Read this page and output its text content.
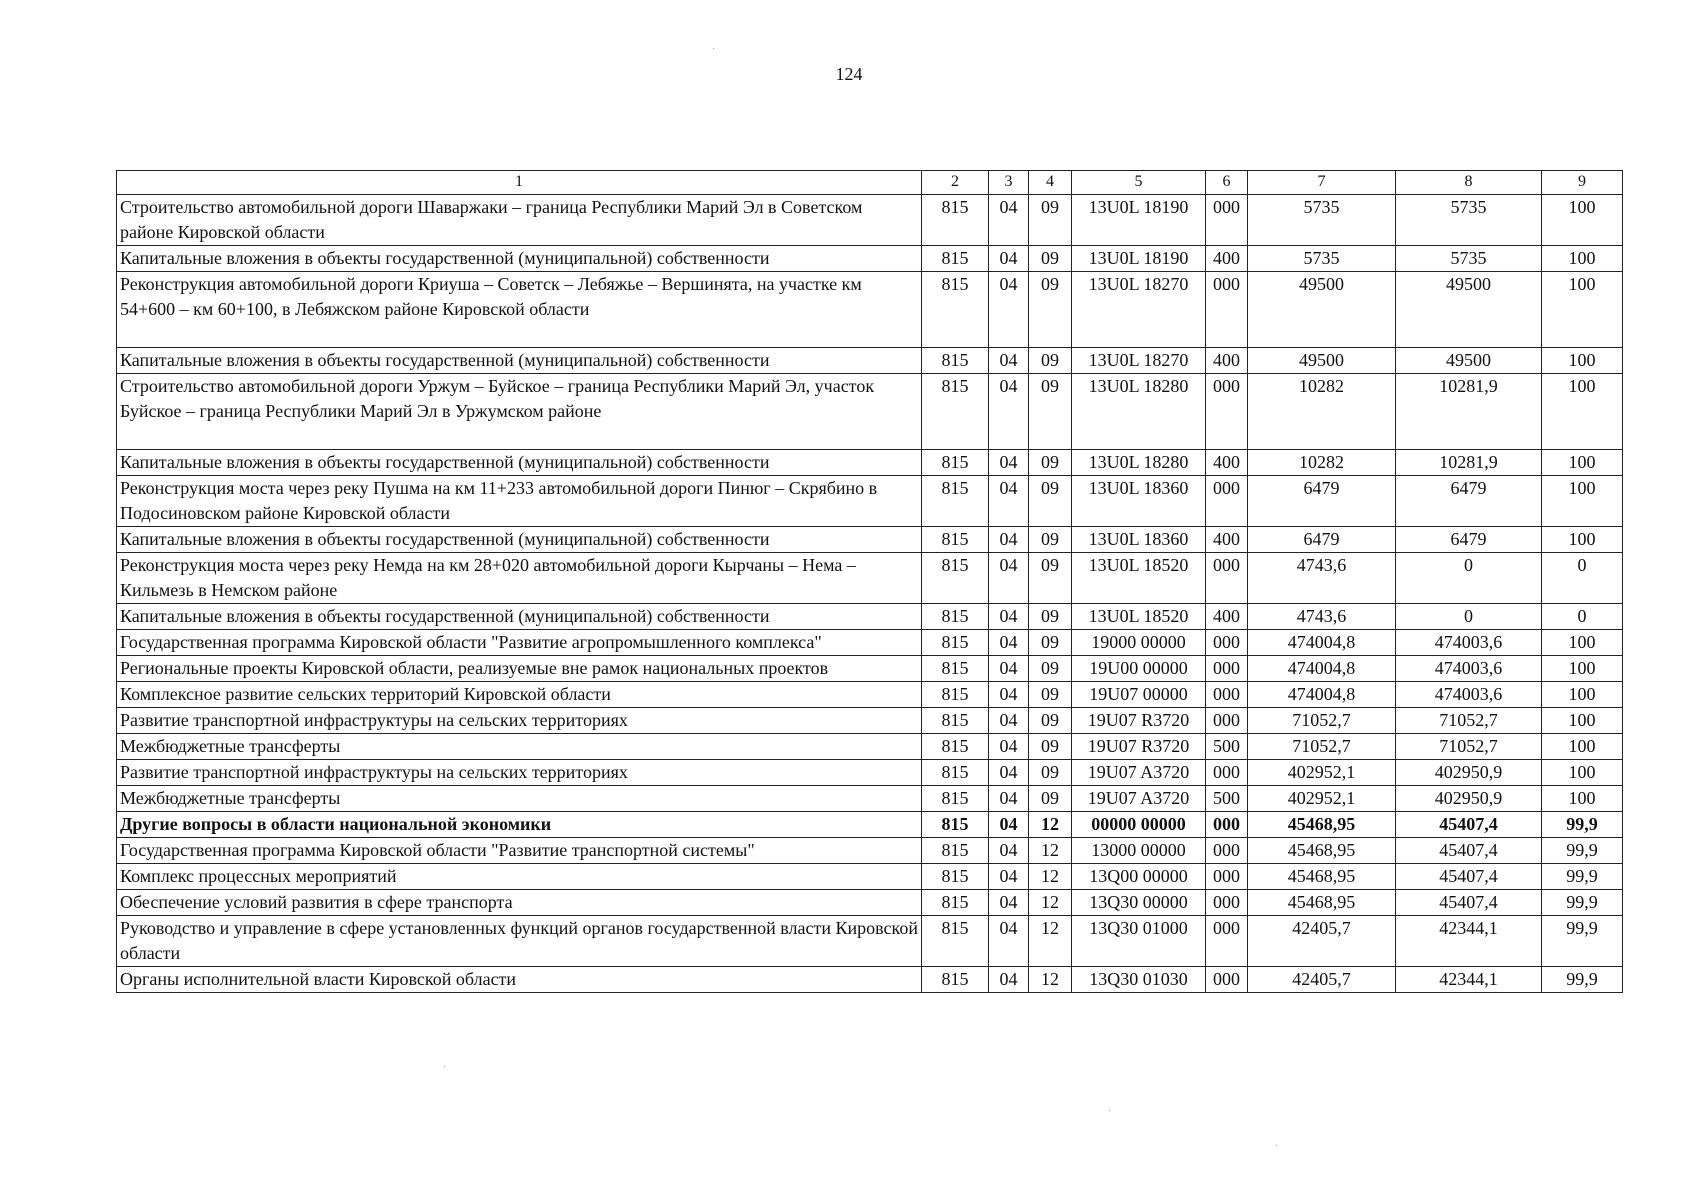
124
1	2	3	4	5	6	7	8	9
Строительство автомобильной дороги Шаваржаки – граница Республики Марий Эл в Советском районе Кировской области	815	04	09	13U0L 18190	000	5735	5735	100
Капитальные вложения в объекты государственной (муниципальной) собственности	815	04	09	13U0L 18190	400	5735	5735	100
Реконструкция автомобильной дороги Криуша – Советск – Лебяжье – Вершинята, на участке км 54+600 – км 60+100, в Лебяжском районе Кировской области	815	04	09	13U0L 18270	000	49500	49500	100
Капитальные вложения в объекты государственной (муниципальной) собственности	815	04	09	13U0L 18270	400	49500	49500	100
Строительство автомобильной дороги Уржум – Буйское – граница Республики Марий Эл, участок Буйское – граница Республики Марий Эл в Уржумском районе	815	04	09	13U0L 18280	000	10282	10281,9	100
Капитальные вложения в объекты государственной (муниципальной) собственности	815	04	09	13U0L 18280	400	10282	10281,9	100
Реконструкция моста через реку Пушма на км 11+233 автомобильной дороги Пинюг – Скрябино в Подосиновском районе Кировской области	815	04	09	13U0L 18360	000	6479	6479	100
Капитальные вложения в объекты государственной (муниципальной) собственности	815	04	09	13U0L 18360	400	6479	6479	100
Реконструкция моста через реку Немда на км 28+020 автомобильной дороги Кырчаны – Нема – Кильмезь в Немском районе	815	04	09	13U0L 18520	000	4743,6	0	0
Капитальные вложения в объекты государственной (муниципальной) собственности	815	04	09	13U0L 18520	400	4743,6	0	0
Государственная программа Кировской области "Развитие агропромышленного комплекса"	815	04	09	19000 00000	000	474004,8	474003,6	100
Региональные проекты Кировской области, реализуемые вне рамок национальных проектов	815	04	09	19U00 00000	000	474004,8	474003,6	100
Комплексное развитие сельских территорий Кировской области	815	04	09	19U07 00000	000	474004,8	474003,6	100
Развитие транспортной инфраструктуры на сельских территориях	815	04	09	19U07 R3720	000	71052,7	71052,7	100
Межбюджетные трансферты	815	04	09	19U07 R3720	500	71052,7	71052,7	100
Развитие транспортной инфраструктуры на сельских территориях	815	04	09	19U07 A3720	000	402952,1	402950,9	100
Межбюджетные трансферты	815	04	09	19U07 A3720	500	402952,1	402950,9	100
Другие вопросы в области национальной экономики	815	04	12	00000 00000	000	45468,95	45407,4	99,9
Государственная программа Кировской области "Развитие транспортной системы"	815	04	12	13000 00000	000	45468,95	45407,4	99,9
Комплекс процессных мероприятий	815	04	12	13Q00 00000	000	45468,95	45407,4	99,9
Обеспечение условий развития в сфере транспорта	815	04	12	13Q30 00000	000	45468,95	45407,4	99,9
Руководство и управление в сфере установленных функций органов государственной власти Кировской области	815	04	12	13Q30 01000	000	42405,7	42344,1	99,9
Органы исполнительной власти Кировской области	815	04	12	13Q30 01030	000	42405,7	42344,1	99,9
·
·
·
·
